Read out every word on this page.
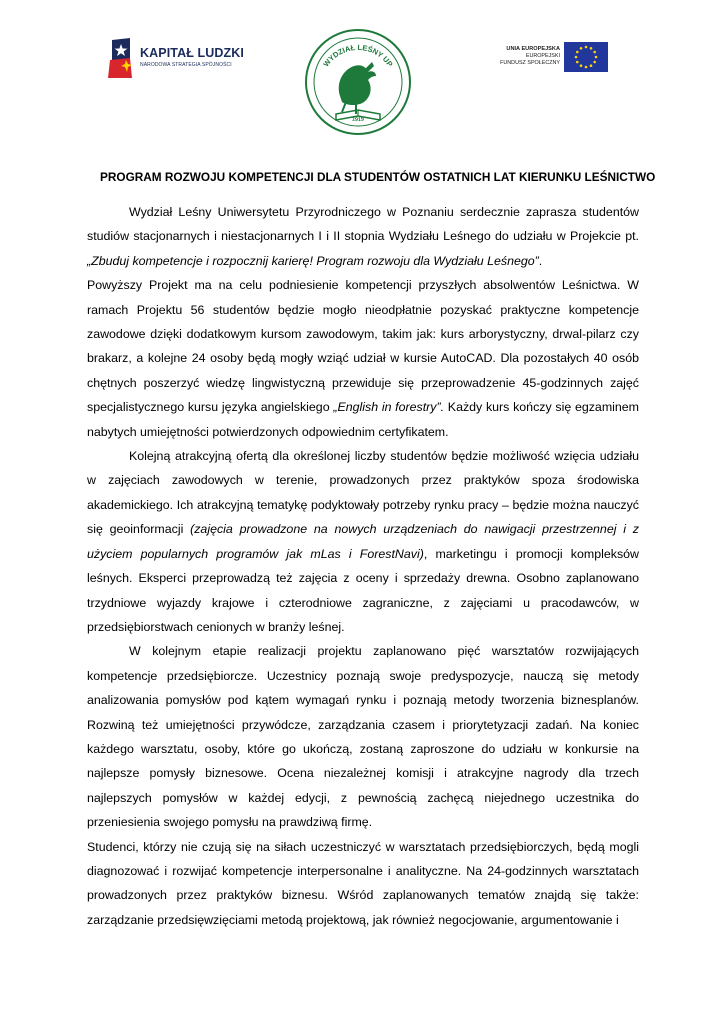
KAPITAŁ LUDZKI
NARODOWA STRATEGIA SPÓJNOŚCI	WYDZIAŁ LEŚNY UP
1919
UNIA EUROPEJSKA
EUROPEJSKI
FUNDUSZ SPOŁECZNY
PROGRAM ROZWOJU KOMPETENCJI DLA STUDENTÓW OSTATNICH LAT KIERUNKU LEŚNICTWO

Wydział Leśny Uniwersytetu Przyrodniczego w Poznaniu serdecznie zaprasza studentów studiów stacjonarnych i niestacjonarnych I i II stopnia Wydziału Leśnego do udziału w Projekcie pt. „Zbuduj kompetencje i rozpocznij karierę! Program rozwoju dla Wydziału Leśnego”.

Powyższy Projekt ma na celu podniesienie kompetencji przyszłych absolwentów Leśnictwa. W ramach Projektu 56 studentów będzie mogło nieodpłatnie pozyskać praktyczne kompetencje zawodowe dzięki dodatkowym kursom zawodowym, takim jak: kurs arborystyczny, drwal-pilarz czy brakarz, a kolejne 24 osoby będą mogły wziąć udział w kursie AutoCAD. Dla pozostałych 40 osób chętnych poszerzyć wiedzę lingwistyczną przewiduje się przeprowadzenie 45-godzinnych zajęć specjalistycznego kursu języka angielskiego „English in forestry”. Każdy kurs kończy się egzaminem nabytych umiejętności potwierdzonych odpowiednim certyfikatem.

Kolejną atrakcyjną ofertą dla określonej liczby studentów będzie możliwość wzięcia udziału w zajęciach zawodowych w terenie, prowadzonych przez praktyków spoza środowiska akademickiego. Ich atrakcyjną tematykę podyktowały potrzeby rynku pracy – będzie można nauczyć się geoinformacji (zajęcia prowadzone na nowych urządzeniach do nawigacji przestrzennej i z użyciem popularnych programów jak mLas i ForestNavi), marketingu i promocji kompleksów leśnych. Eksperci przeprowadzą też zajęcia z oceny i sprzedaży drewna. Osobno zaplanowano trzydniowe wyjazdy krajowe i czterodniowe zagraniczne, z zajęciami u pracodawców, w przedsiębiorstwach cenionych w branży leśnej.

W kolejnym etapie realizacji projektu zaplanowano pięć warsztatów rozwijających kompetencje przedsiębiorcze. Uczestnicy poznają swoje predyspozycje, nauczą się metody analizowania pomysłów pod kątem wymagań rynku i poznają metody tworzenia biznesplanów. Rozwiną też umiejętności przywódcze, zarządzania czasem i priorytetyzacji zadań. Na koniec każdego warsztatu, osoby, które go ukończą, zostaną zaproszone do udziału w konkursie na najlepsze pomysły biznesowe. Ocena niezależnej komisji i atrakcyjne nagrody dla trzech najlepszych pomysłów w każdej edycji, z pewnością zachęcą niejednego uczestnika do przeniesienia swojego pomysłu na prawdziwą firmę.

Studenci, którzy nie czują się na siłach uczestniczyć w warsztatach przedsiębiorczych, będą mogli diagnozować i rozwijać kompetencje interpersonalne i analityczne. Na 24-godzinnych warsztatach prowadzonych przez praktyków biznesu. Wśród zaplanowanych tematów znajdą się także: zarządzanie przedsięwzięciami metodą projektową, jak również negocjowanie, argumentowanie i
